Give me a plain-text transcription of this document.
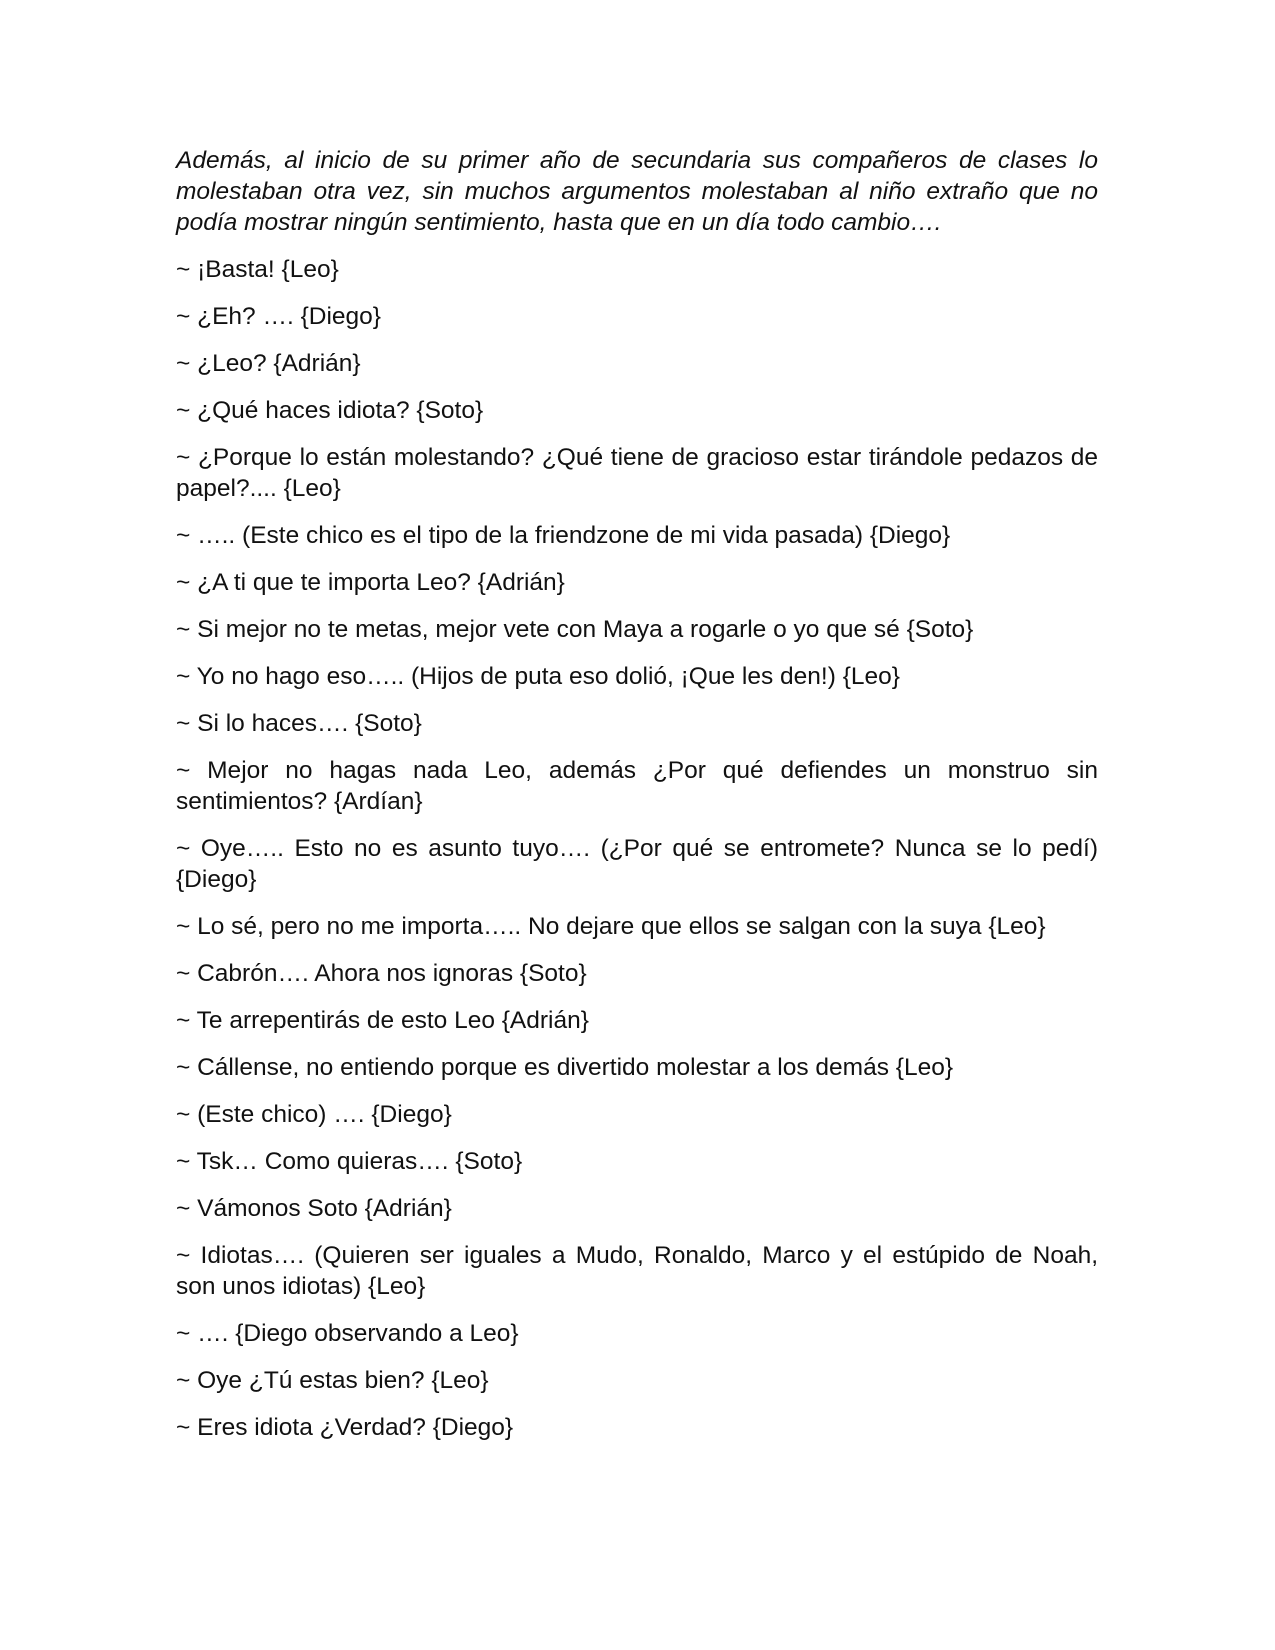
Además, al inicio de su primer año de secundaria sus compañeros de clases lo molestaban otra vez, sin muchos argumentos molestaban al niño extraño que no podía mostrar ningún sentimiento, hasta que en un día todo cambio….

~ ¡Basta! {Leo}

~ ¿Eh? …. {Diego}

~ ¿Leo? {Adrián}

~ ¿Qué haces idiota? {Soto}

~ ¿Porque lo están molestando? ¿Qué tiene de gracioso estar tirándole pedazos de papel?.... {Leo}

~ ….. (Este chico es el tipo de la friendzone de mi vida pasada) {Diego}

~ ¿A ti que te importa Leo? {Adrián}

~ Si mejor no te metas, mejor vete con Maya a rogarle o yo que sé {Soto}

~ Yo no hago eso….. (Hijos de puta eso dolió, ¡Que les den!) {Leo}

~ Si lo haces…. {Soto}

~ Mejor no hagas nada Leo, además ¿Por qué defiendes un monstruo sin sentimientos? {Ardían}

~ Oye….. Esto no es asunto tuyo…. (¿Por qué se entromete? Nunca se lo pedí) {Diego}

~ Lo sé, pero no me importa….. No dejare que ellos se salgan con la suya {Leo}

~ Cabrón…. Ahora nos ignoras {Soto}

~ Te arrepentirás de esto Leo {Adrián}

~ Cállense, no entiendo porque es divertido molestar a los demás {Leo}

~ (Este chico) …. {Diego}

~ Tsk… Como quieras…. {Soto}

~ Vámonos Soto {Adrián}

~ Idiotas…. (Quieren ser iguales a Mudo, Ronaldo, Marco y el estúpido de Noah, son unos idiotas) {Leo}

~ …. {Diego observando a Leo}

~ Oye ¿Tú estas bien? {Leo}

~ Eres idiota ¿Verdad? {Diego}
